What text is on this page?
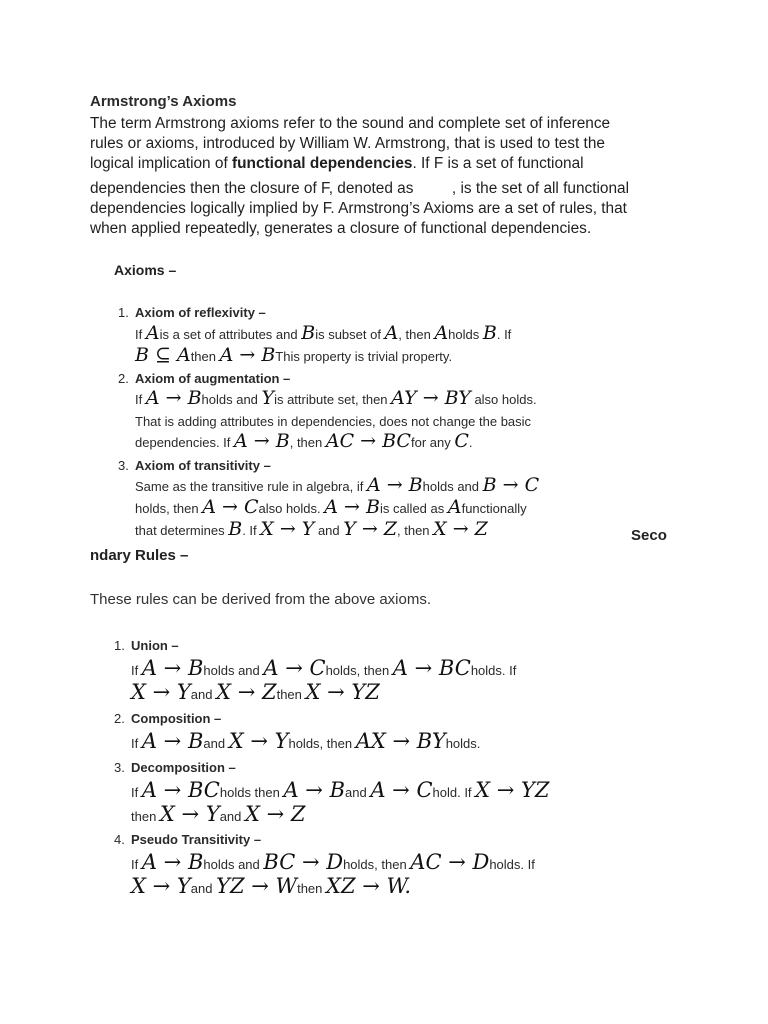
Armstrong’s Axioms
The term Armstrong axioms refer to the sound and complete set of inference
rules or axioms, introduced by William W. Armstrong, that is used to test the
logical implication of functional dependencies. If F is a set of functional
dependencies then the closure of F, denoted as         , is the set of all functional
dependencies logically implied by F. Armstrong’s Axioms are a set of rules, that
when applied repeatedly, generates a closure of functional dependencies.
Axioms –
1. Axiom of reflexivity –
If Ais a set of attributes and Bis subset of A, then Aholds B. If
B ⊆ Athen A → BThis property is trivial property.
2. Axiom of augmentation –
If A → Bholds and Yis attribute set, then AY → BY also holds.
That is adding attributes in dependencies, does not change the basic
dependencies. If A → B, then AC → BCfor any C.
3. Axiom of transitivity –
Same as the transitive rule in algebra, if A → Bholds and B → C
holds, then A → Calso holds. A → Bis called as Afunctionally
that determines B. If X → Y and Y → Z, then X → Z	Seco
ndary Rules –
These rules can be derived from the above axioms.
1. Union –
If A → Bholds and A → Cholds, then A → BCholds. If
X → Yand X → Zthen X → YZ
2. Composition –
If A → Band X → Yholds, then AX → BYholds.
3. Decomposition –
If A → BCholds then A → Band A → Chold. If X → YZ
then X → Yand X → Z
4. Pseudo Transitivity –
If A → Bholds and BC → Dholds, then AC → Dholds. If
X → Yand YZ → Wthen XZ → W.
